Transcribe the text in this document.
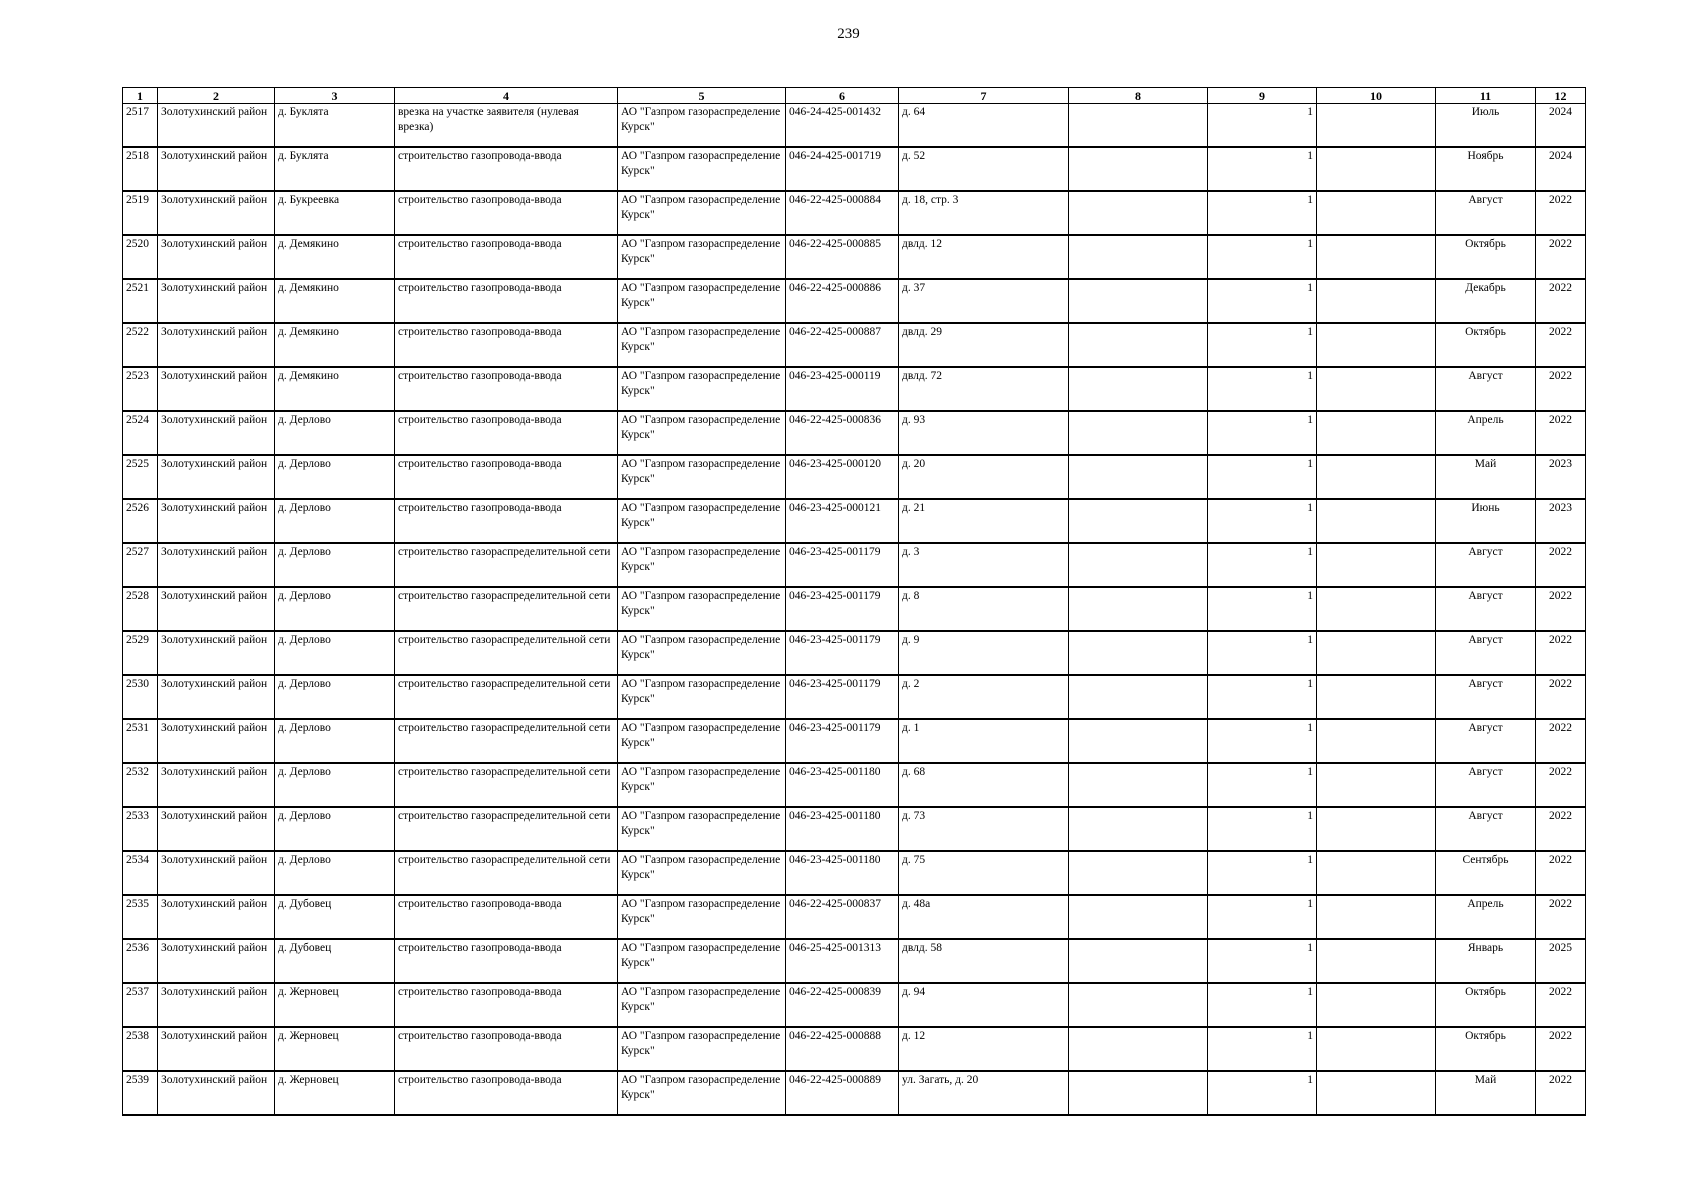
239
1	2	3	4	5	6	7	8	9	10	11	12
2517	Золотухинский район	д. Буклята	врезка на участке заявителя (нулевая врезка)	АО "Газпром газораспределение Курск"	046-24-425-001432	д. 64		1		Июль	2024
2518	Золотухинский район	д. Буклята	строительство газопровода-ввода	АО "Газпром газораспределение Курск"	046-24-425-001719	д. 52		1		Ноябрь	2024
2519	Золотухинский район	д. Букреевка	строительство газопровода-ввода	АО "Газпром газораспределение Курск"	046-22-425-000884	д. 18, стр. 3		1		Август	2022
2520	Золотухинский район	д. Демякино	строительство газопровода-ввода	АО "Газпром газораспределение Курск"	046-22-425-000885	двлд. 12		1		Октябрь	2022
2521	Золотухинский район	д. Демякино	строительство газопровода-ввода	АО "Газпром газораспределение Курск"	046-22-425-000886	д. 37		1		Декабрь	2022
2522	Золотухинский район	д. Демякино	строительство газопровода-ввода	АО "Газпром газораспределение Курск"	046-22-425-000887	двлд. 29		1		Октябрь	2022
2523	Золотухинский район	д. Демякино	строительство газопровода-ввода	АО "Газпром газораспределение Курск"	046-23-425-000119	двлд. 72		1		Август	2022
2524	Золотухинский район	д. Дерлово	строительство газопровода-ввода	АО "Газпром газораспределение Курск"	046-22-425-000836	д. 93		1		Апрель	2022
2525	Золотухинский район	д. Дерлово	строительство газопровода-ввода	АО "Газпром газораспределение Курск"	046-23-425-000120	д. 20		1		Май	2023
2526	Золотухинский район	д. Дерлово	строительство газопровода-ввода	АО "Газпром газораспределение Курск"	046-23-425-000121	д. 21		1		Июнь	2023
2527	Золотухинский район	д. Дерлово	строительство газораспределительной сети	АО "Газпром газораспределение Курск"	046-23-425-001179	д. 3		1		Август	2022
2528	Золотухинский район	д. Дерлово	строительство газораспределительной сети	АО "Газпром газораспределение Курск"	046-23-425-001179	д. 8		1		Август	2022
2529	Золотухинский район	д. Дерлово	строительство газораспределительной сети	АО "Газпром газораспределение Курск"	046-23-425-001179	д. 9		1		Август	2022
2530	Золотухинский район	д. Дерлово	строительство газораспределительной сети	АО "Газпром газораспределение Курск"	046-23-425-001179	д. 2		1		Август	2022
2531	Золотухинский район	д. Дерлово	строительство газораспределительной сети	АО "Газпром газораспределение Курск"	046-23-425-001179	д. 1		1		Август	2022
2532	Золотухинский район	д. Дерлово	строительство газораспределительной сети	АО "Газпром газораспределение Курск"	046-23-425-001180	д. 68		1		Август	2022
2533	Золотухинский район	д. Дерлово	строительство газораспределительной сети	АО "Газпром газораспределение Курск"	046-23-425-001180	д. 73		1		Август	2022
2534	Золотухинский район	д. Дерлово	строительство газораспределительной сети	АО "Газпром газораспределение Курск"	046-23-425-001180	д. 75		1		Сентябрь	2022
2535	Золотухинский район	д. Дубовец	строительство газопровода-ввода	АО "Газпром газораспределение Курск"	046-22-425-000837	д. 48а		1		Апрель	2022
2536	Золотухинский район	д. Дубовец	строительство газопровода-ввода	АО "Газпром газораспределение Курск"	046-25-425-001313	двлд. 58		1		Январь	2025
2537	Золотухинский район	д. Жерновец	строительство газопровода-ввода	АО "Газпром газораспределение Курск"	046-22-425-000839	д. 94		1		Октябрь	2022
2538	Золотухинский район	д. Жерновец	строительство газопровода-ввода	АО "Газпром газораспределение Курск"	046-22-425-000888	д. 12		1		Октябрь	2022
2539	Золотухинский район	д. Жерновец	строительство газопровода-ввода	АО "Газпром газораспределение Курск"	046-22-425-000889	ул. Загать, д. 20		1		Май	2022
